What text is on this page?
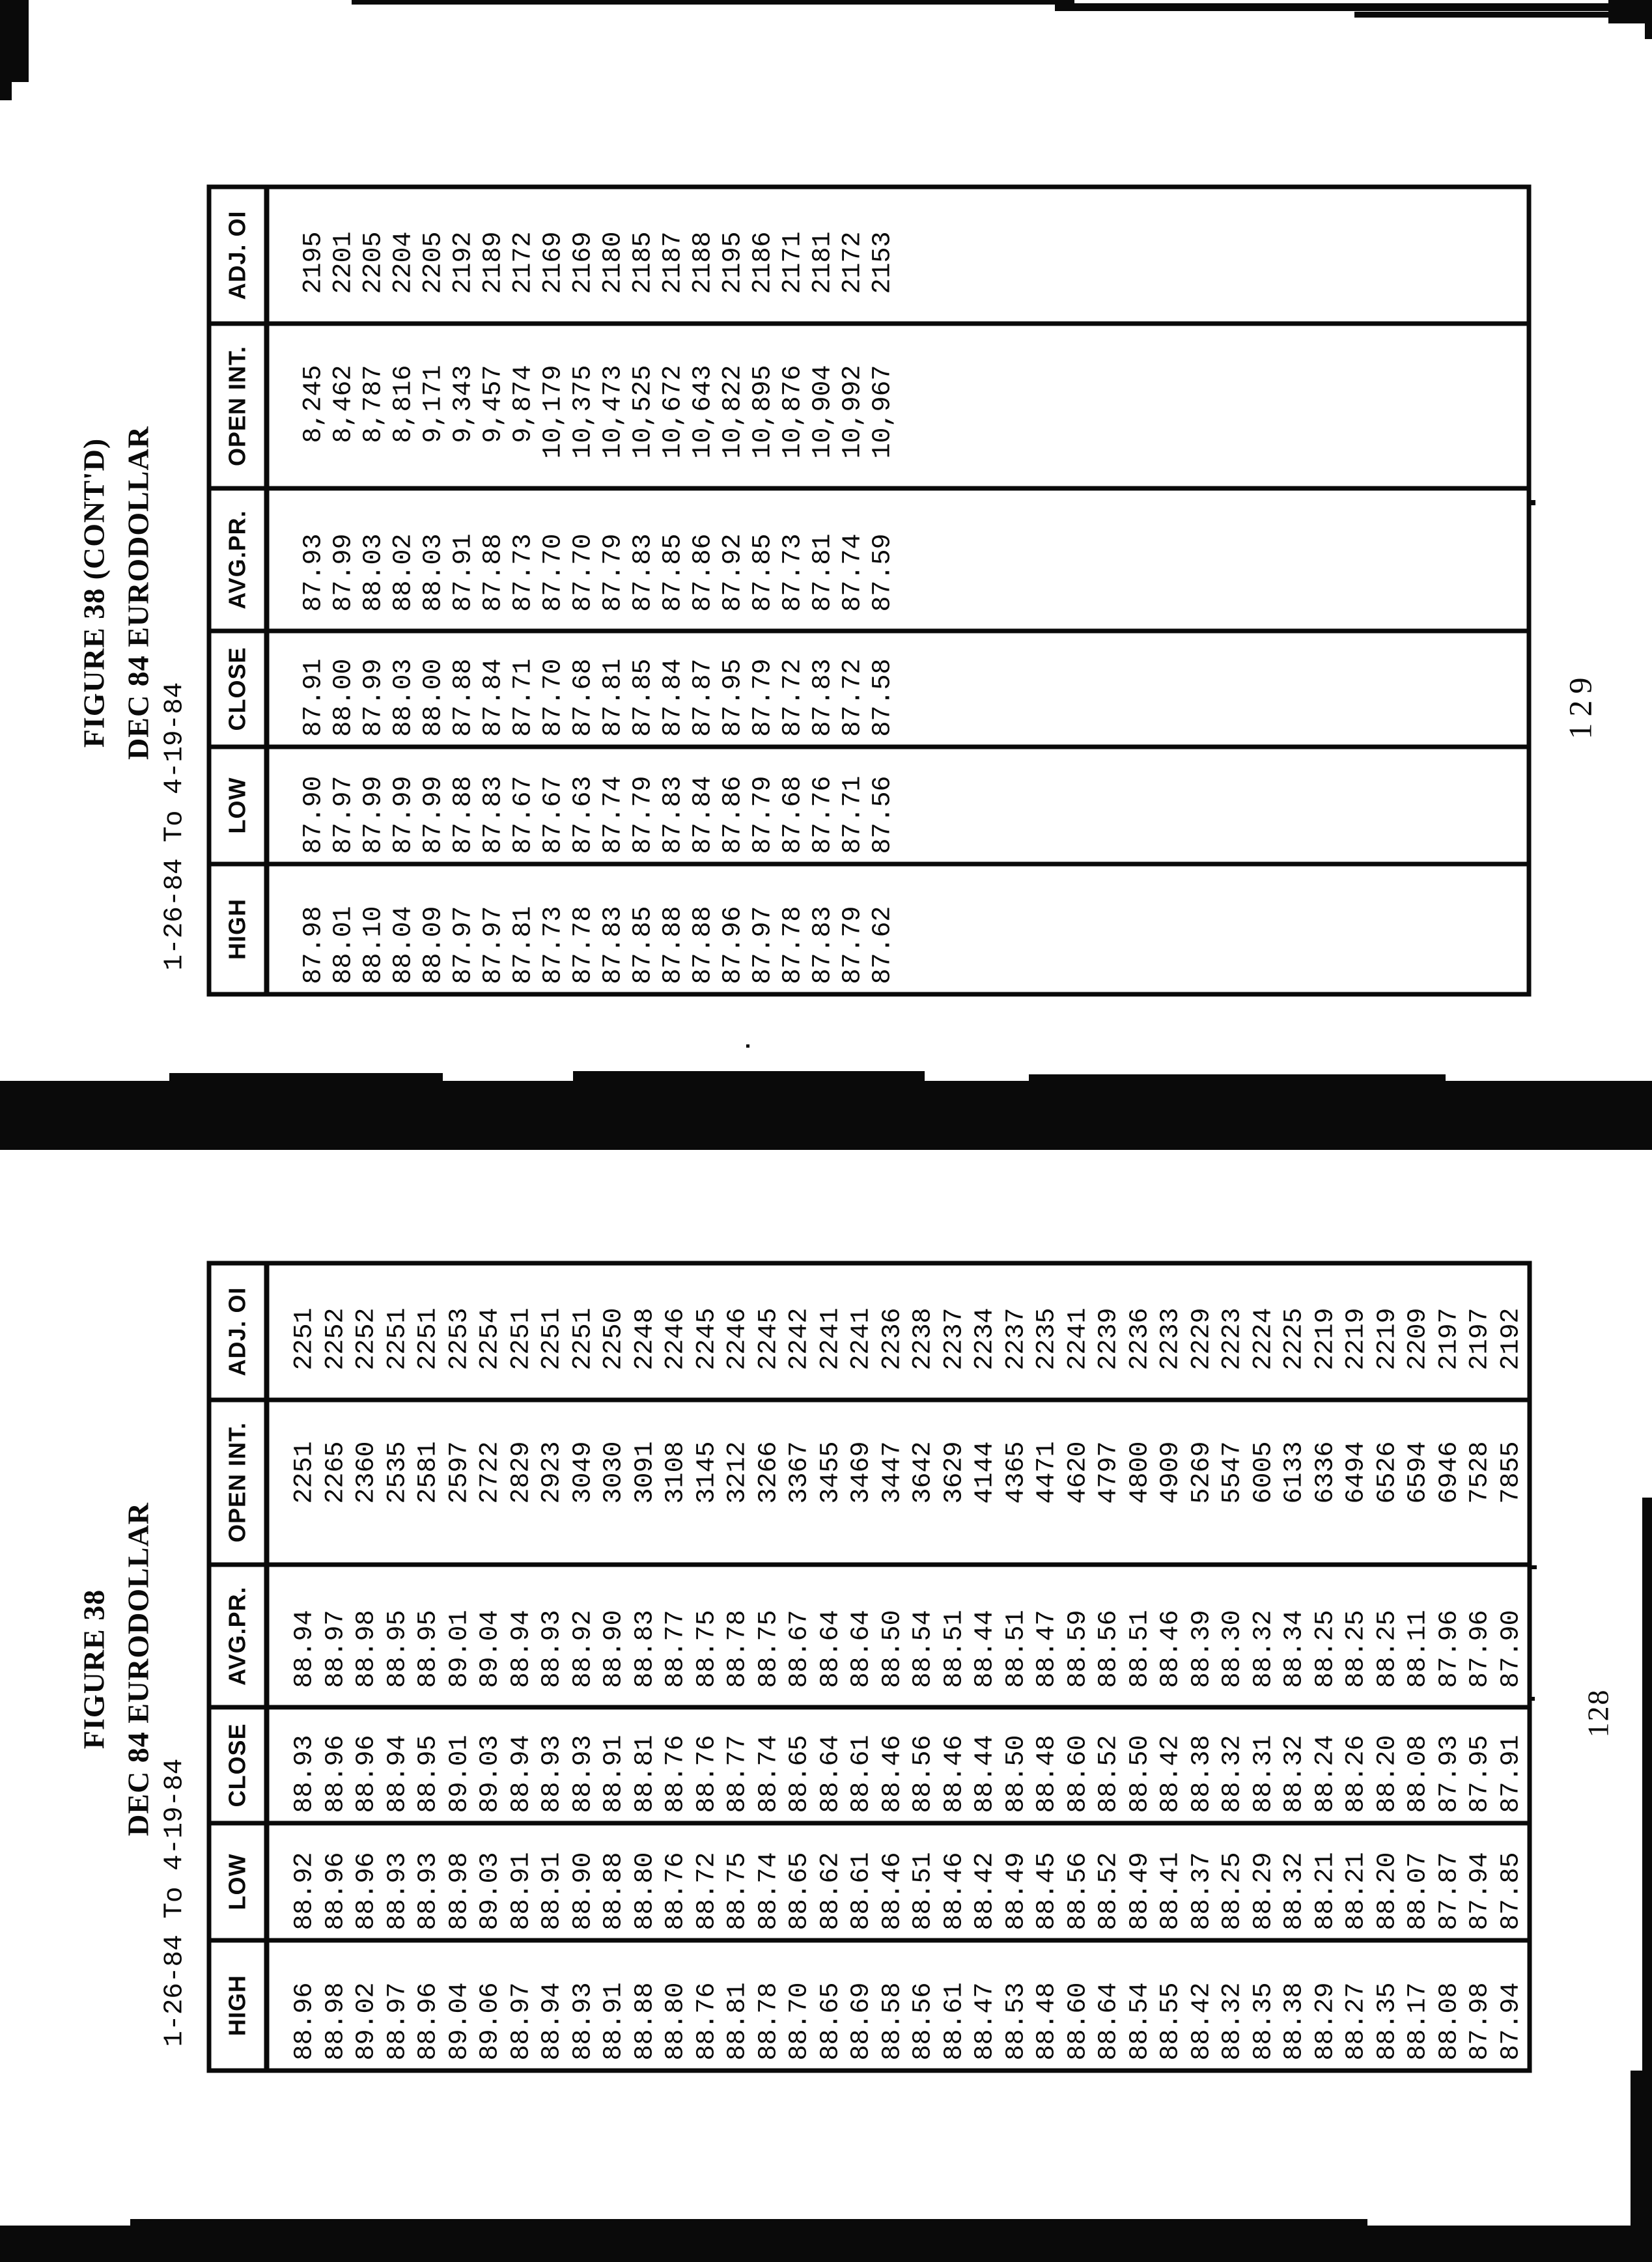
FIGURE 38 (CONT'D) DEC 84 EURODOLLAR
1-26-84 To 4-19-84 HIGH	LOW	CLOSE	AVG.PR.	OPEN INT.	ADJ. OI

87.98	87.90	87.91	87.93	8,245	2195
88.01	87.97	88.00	87.99	8,462	2201
88.10	87.99	87.99	88.03	8,787	2205
88.04	87.99	88.03	88.02	8,816	2204
88.09	87.99	88.00	88.03	9,171	2205
87.97	87.88	87.88	87.91	9,343	2192
87.97	87.83	87.84	87.88	9,457	2189
87.81	87.67	87.71	87.73	9,874	2172
87.73	87.67	87.70	87.70	10,179	2169
87.78	87.63	87.68	87.70	10,375	2169
87.83	87.74	87.81	87.79	10,473	2180
87.85	87.79	87.85	87.83	10,525	2185
87.88	87.83	87.84	87.85	10,672	2187
87.88	87.84	87.87	87.86	10,643	2188
87.96	87.86	87.95	87.92	10,822	2195
87.97	87.79	87.79	87.85	10,895	2186
87.78	87.68	87.72	87.73	10,876	2171
87.83	87.76	87.83	87.81	10,904	2181
87.79	87.71	87.72	87.74	10,992	2172
87.62	87.56	87.58	87.59	10,967	2153

129
FIGURE 38 DEC 84 EURODOLLAR
1-26-84 To 4-19-84 HIGH	LOW	CLOSE	AVG.PR.	OPEN INT.	ADJ. OI

88.96	88.92	88.93	88.94	2251	2251
88.98	88.96	88.96	88.97	2265	2252
89.02	88.96	88.96	88.98	2360	2252
88.97	88.93	88.94	88.95	2535	2251
88.96	88.93	88.95	88.95	2581	2251
89.04	88.98	89.01	89.01	2597	2253
89.06	89.03	89.03	89.04	2722	2254
88.97	88.91	88.94	88.94	2829	2251
88.94	88.91	88.93	88.93	2923	2251
88.93	88.90	88.93	88.92	3049	2251
88.91	88.88	88.91	88.90	3030	2250
88.88	88.80	88.81	88.83	3091	2248
88.80	88.76	88.76	88.77	3108	2246
88.76	88.72	88.76	88.75	3145	2245
88.81	88.75	88.77	88.78	3212	2246
88.78	88.74	88.74	88.75	3266	2245
88.70	88.65	88.65	88.67	3367	2242
88.65	88.62	88.64	88.64	3455	2241
88.69	88.61	88.61	88.64	3469	2241
88.58	88.46	88.46	88.50	3447	2236
88.56	88.51	88.56	88.54	3642	2238
88.61	88.46	88.46	88.51	3629	2237
88.47	88.42	88.44	88.44	4144	2234
88.53	88.49	88.50	88.51	4365	2237
88.48	88.45	88.48	88.47	4471	2235
88.60	88.56	88.60	88.59	4620	2241
88.64	88.52	88.52	88.56	4797	2239
88.54	88.49	88.50	88.51	4800	2236
88.55	88.41	88.42	88.46	4909	2233
88.42	88.37	88.38	88.39	5269	2229
88.32	88.25	88.32	88.30	5547	2223
88.35	88.29	88.31	88.32	6005	2224
88.38	88.32	88.32	88.34	6133	2225
88.29	88.21	88.24	88.25	6336	2219
88.27	88.21	88.26	88.25	6494	2219
88.35	88.20	88.20	88.25	6526	2219
88.17	88.07	88.08	88.11	6594	2209
88.08	87.87	87.93	87.96	6946	2197
87.98	87.94	87.95	87.96	7528	2197
87.94	87.85	87.91	87.90	7855	2192

128
